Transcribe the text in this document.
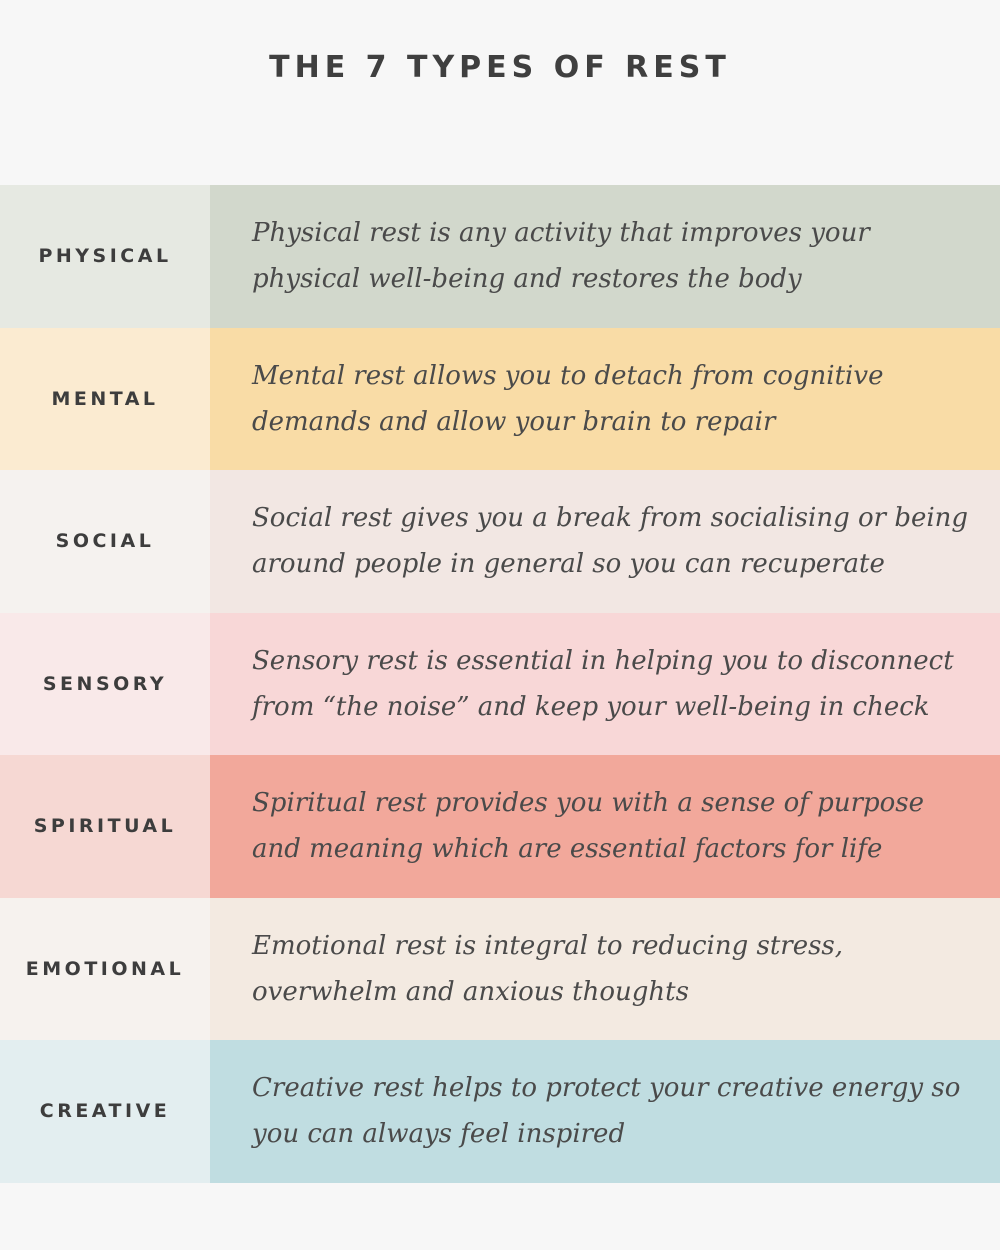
THE 7 TYPES OF REST
PHYSICAL
Physical rest is any activity that improves your physical well-being and restores the body
MENTAL
Mental rest allows you to detach from cognitive demands and allow your brain to repair
SOCIAL
Social rest gives you a break from socialising or being around people in general so you can recuperate
SENSORY
Sensory rest is essential in helping you to disconnect from “the noise” and keep your well-being in check
SPIRITUAL
Spiritual rest provides you with a sense of purpose and meaning which are essential factors for life
EMOTIONAL
Emotional rest is integral to reducing stress, overwhelm and anxious thoughts
CREATIVE
Creative rest helps to protect your creative energy so you can always feel inspired
